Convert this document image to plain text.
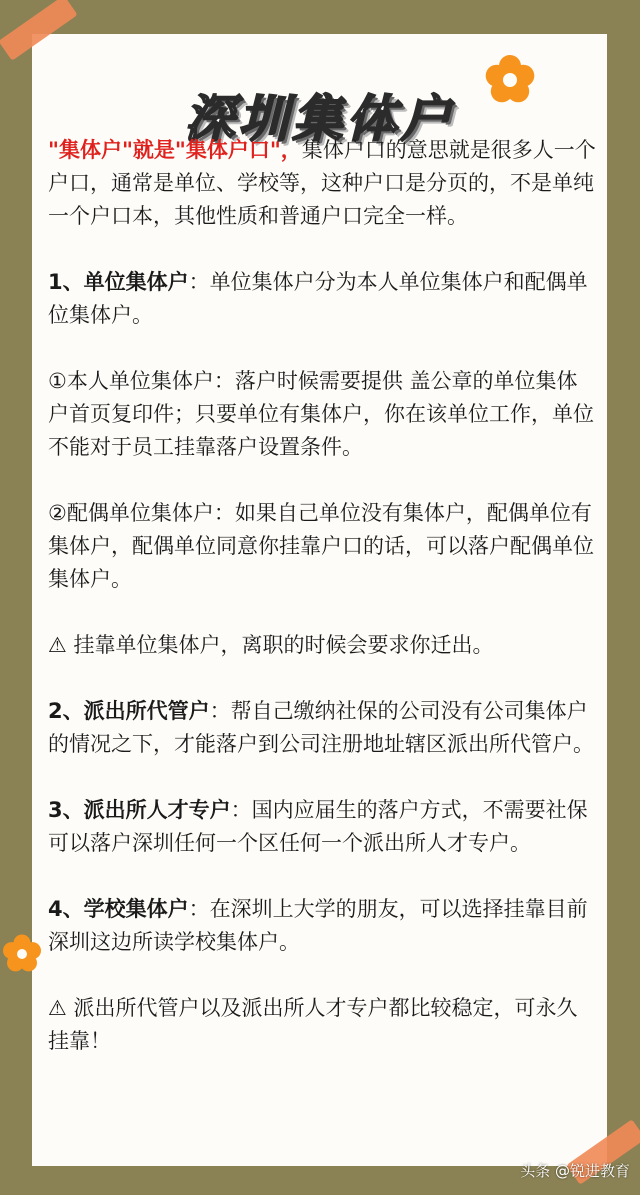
深圳集体户

"集体户"就是"集体户口"，集体户口的意思就是很多人一个户口，通常是单位、学校等，这种户口是分页的，不是单纯一个户口本，其他性质和普通户口完全一样。

1、单位集体户：单位集体户分为本人单位集体户和配偶单位集体户。

①本人单位集体户：落户时候需要提供 盖公章的单位集体户首页复印件；只要单位有集体户，你在该单位工作，单位不能对于员工挂靠落户设置条件。

②配偶单位集体户：如果自己单位没有集体户，配偶单位有集体户，配偶单位同意你挂靠户口的话，可以落户配偶单位集体户。

⚠ 挂靠单位集体户，离职的时候会要求你迁出。

2、派出所代管户：帮自己缴纳社保的公司没有公司集体户的情况之下，才能落户到公司注册地址辖区派出所代管户。

3、派出所人才专户：国内应届生的落户方式，不需要社保可以落户深圳任何一个区任何一个派出所人才专户。

4、学校集体户：在深圳上大学的朋友，可以选择挂靠目前深圳这边所读学校集体户。

⚠ 派出所代管户以及派出所人才专户都比较稳定，可永久挂靠！

头条 @锐进教育
